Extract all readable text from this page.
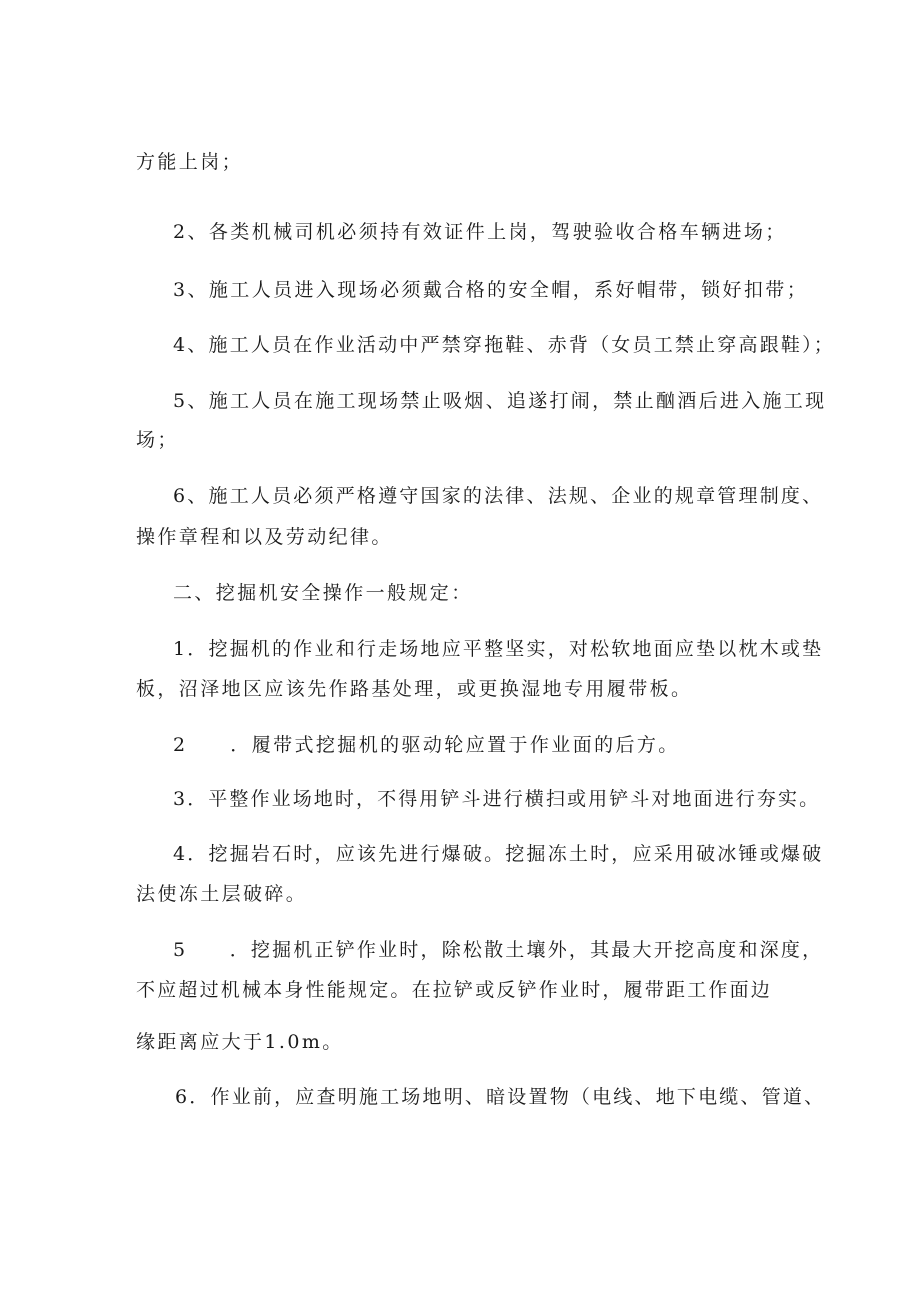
方能上岗；
2、各类机械司机必须持有效证件上岗，驾驶验收合格车辆进场；
3、施工人员进入现场必须戴合格的安全帽，系好帽带，锁好扣带；
4、施工人员在作业活动中严禁穿拖鞋、赤背（女员工禁止穿高跟鞋）；
5、施工人员在施工现场禁止吸烟、追遂打闹，禁止酗酒后进入施工现
场；
6、施工人员必须严格遵守国家的法律、法规、企业的规章管理制度、
操作章程和以及劳动纪律。
二、挖掘机安全操作一般规定：
1．挖掘机的作业和行走场地应平整坚实，对松软地面应垫以枕木或垫
板，沼泽地区应该先作路基处理，或更换湿地专用履带板。
2　　．履带式挖掘机的驱动轮应置于作业面的后方。
3．平整作业场地时，不得用铲斗进行横扫或用铲斗对地面进行夯实。
4．挖掘岩石时，应该先进行爆破。挖掘冻土时，应采用破冰锤或爆破
法使冻土层破碎。
5　　．挖掘机正铲作业时，除松散土壤外，其最大开挖高度和深度，
不应超过机械本身性能规定。在拉铲或反铲作业时，履带距工作面边
缘距离应大于1.0m。
6．作业前，应查明施工场地明、暗设置物（电线、地下电缆、管道、
